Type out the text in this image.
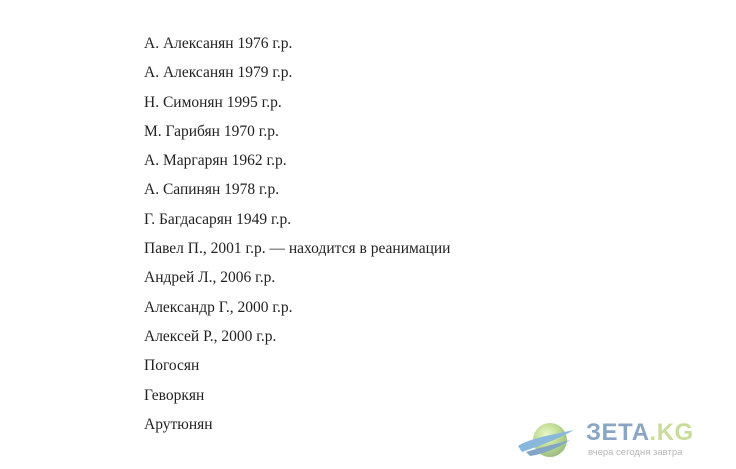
А. Алексанян 1976 г.р.
А. Алексанян 1979 г.р.
Н. Симонян 1995 г.р.
М. Гарибян 1970 г.р.
А. Маргарян 1962 г.р.
А. Сапинян 1978 г.р.
Г. Багдасарян 1949 г.р.
Павел П., 2001 г.р. — находится в реанимации
Андрей Л., 2006 г.р.
Александр Г., 2000 г.р.
Алексей Р., 2000 г.р.
Погосян
Геворкян
Арутюнян	ЗЕТА.KG
вчера сегодня завтра
